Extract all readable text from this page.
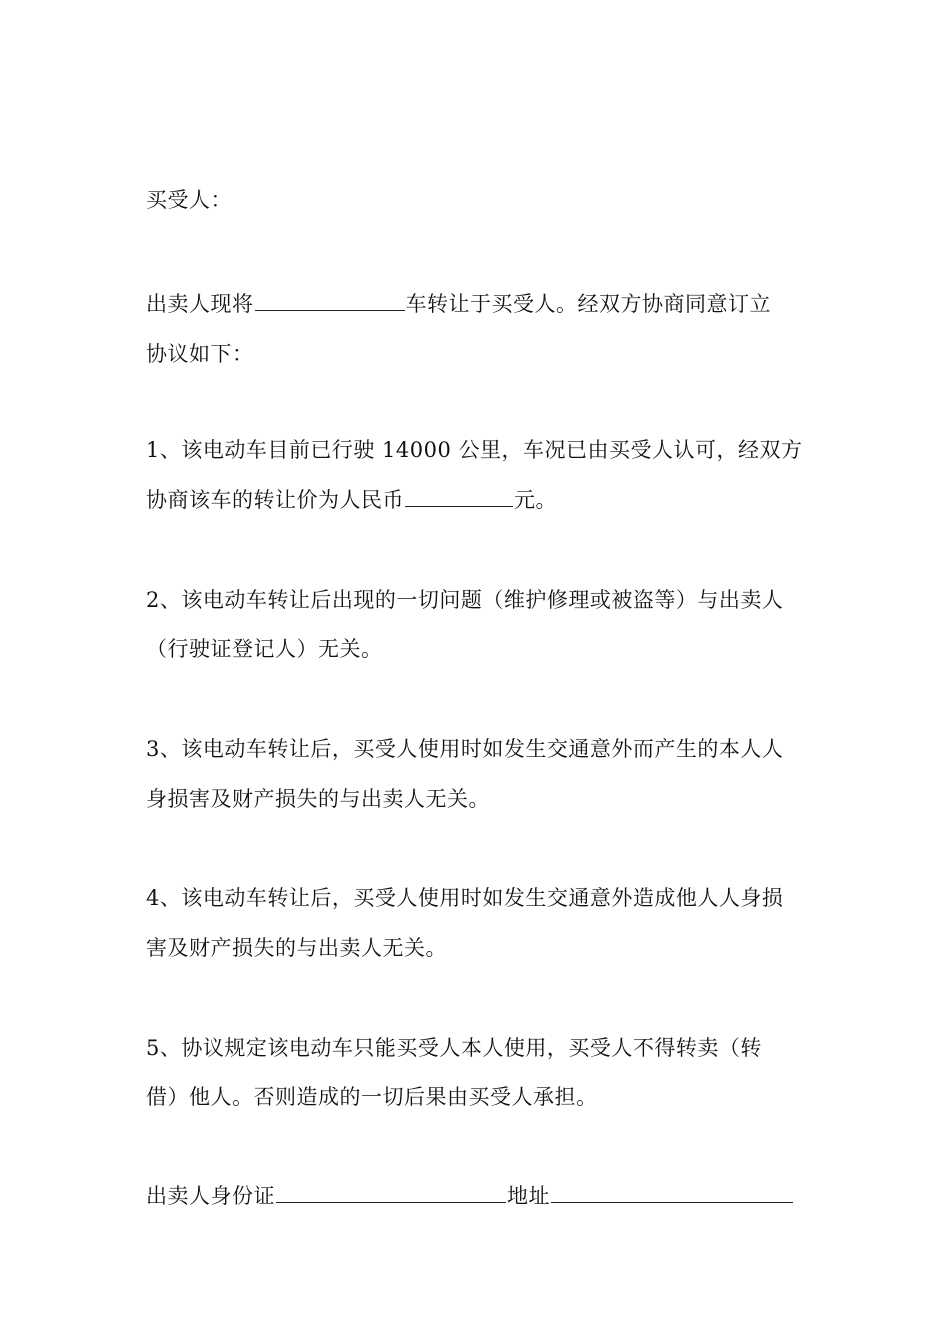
买受人：
出卖人现将	车转让于买受人。经双方协商同意订立
协议如下：
1、该电动车目前已行驶 14000 公里，车况已由买受人认可，经双方
协商该车的转让价为人民币	元。
2、该电动车转让后出现的一切问题（维护修理或被盗等）与出卖人
（行驶证登记人）无关。
3、该电动车转让后，买受人使用时如发生交通意外而产生的本人人
身损害及财产损失的与出卖人无关。
4、该电动车转让后，买受人使用时如发生交通意外造成他人人身损
害及财产损失的与出卖人无关。
5、协议规定该电动车只能买受人本人使用，买受人不得转卖（转
借）他人。否则造成的一切后果由买受人承担。
出卖人身份证	地址
